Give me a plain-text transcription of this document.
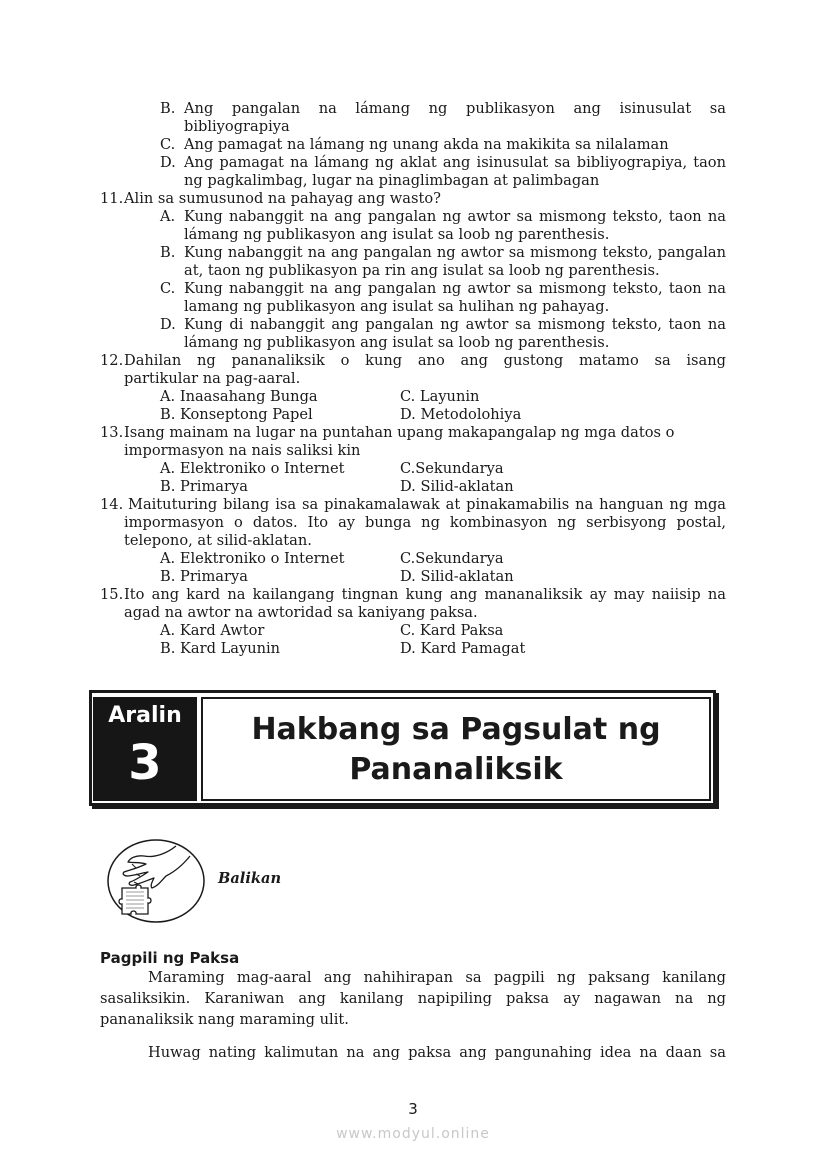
B. Ang pangalan na lámang ng publikasyon ang isinusulat sa
bibliyograpiya
C. Ang pamagat na lámang ng unang akda na makikita sa nilalaman
D. Ang pamagat na lámang ng aklat ang isinusulat sa bibliyograpiya, taon
ng pagkalimbag, lugar na pinaglimbagan at palimbagan
11. Alin sa sumusunod na pahayag ang wasto?
A. Kung nabanggit na ang pangalan ng awtor sa mismong teksto, taon na
lámang ng publikasyon ang isulat sa loob ng parenthesis.
B. Kung nabanggit na ang pangalan ng awtor sa mismong teksto, pangalan
at, taon ng publikasyon pa rin ang isulat sa loob ng parenthesis.
C. Kung nabanggit na ang pangalan ng awtor sa mismong teksto, taon na
lamang ng publikasyon ang isulat sa hulihan ng pahayag.
D. Kung di nabanggit ang pangalan ng awtor sa mismong teksto, taon na
lámang ng publikasyon ang isulat sa loob ng parenthesis.
12. Dahilan ng pananaliksik o kung ano ang gustong matamo sa isang
partikular na pag-aaral.
A. Inaasahang Bunga	C. Layunin
B. Konseptong Papel	D. Metodolohiya
13. Isang mainam na lugar na puntahan upang makapangalap ng mga datos o
impormasyon na nais saliksi kin
A. Elektroniko o Internet	C.Sekundarya
B. Primarya	D. Silid-aklatan
14. Maituturing bilang isa sa pinakamalawak at pinakamabilis na hanguan ng mga
impormasyon o datos. Ito ay bunga ng kombinasyon ng serbisyong postal,
telepono, at silid-aklatan.
A. Elektroniko o Internet	C.Sekundarya
B. Primarya	D. Silid-aklatan
15. Ito ang kard na kailangang tingnan kung ang mananaliksik ay may naiisip na
agad na awtor na awtoridad sa kaniyang paksa.
A. Kard Awtor	C. Kard Paksa
B. Kard Layunin	D. Kard Pamagat
Aralin
3
Hakbang sa Pagsulat ng
Pananaliksik
Balikan
Pagpili ng Paksa
Maraming mag-aaral ang nahihirapan sa pagpili ng paksang kanilang
sasaliksikin. Karaniwan ang kanilang napipiling paksa ay nagawan na ng
pananaliksik nang maraming ulit.
Huwag nating kalimutan na ang paksa ang pangunahing idea na daan sa
3
www.modyul.online
